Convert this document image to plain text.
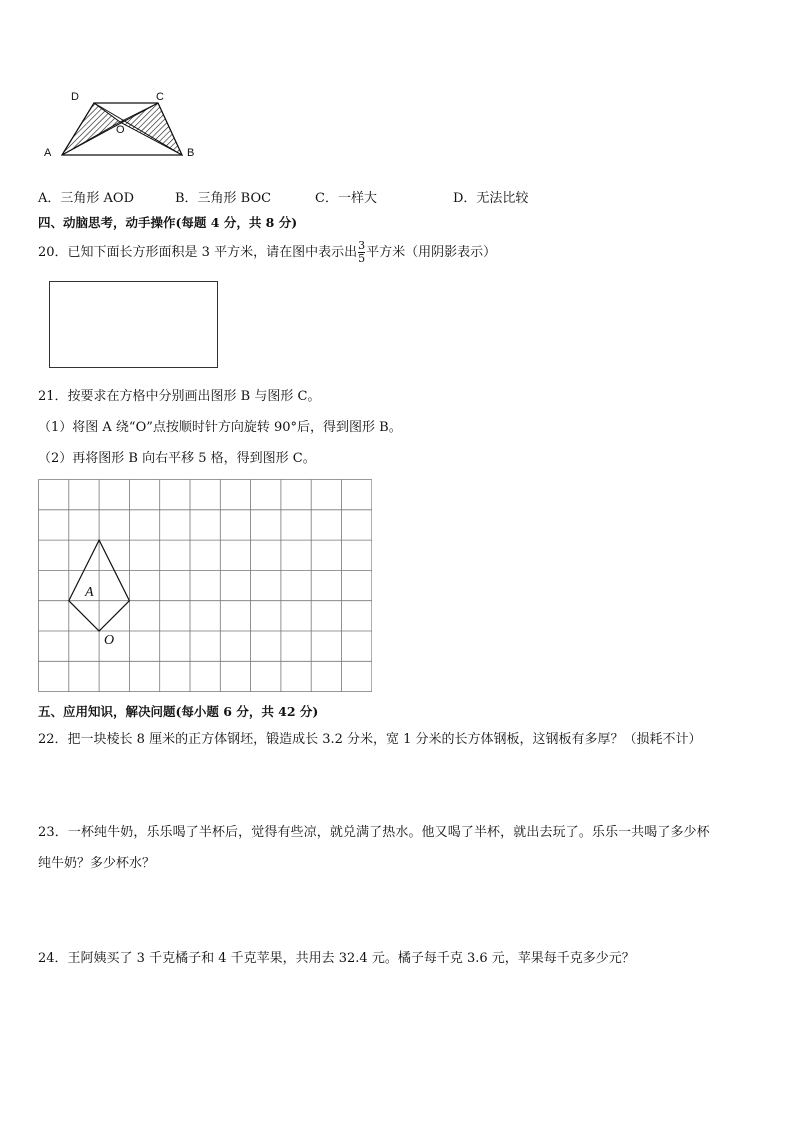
D	C
O
A	B
A．三角形 AOD	B．三角形 BOC	C．一样大	D．无法比较
四、动脑思考，动手操作(每题 4 分，共 8 分)
20．已知下面长方形面积是 3 平方米，请在图中表示出$\frac{3}{5}$平方米（用阴影表示）
21．按要求在方格中分别画出图形 B 与图形 C。
（1）将图 A 绕“O”点按顺时针方向旋转 90°后，得到图形 B。
（2）再将图形 B 向右平移 5 格，得到图形 C。
A
O
五、应用知识，解决问题(每小题 6 分，共 42 分)
22．把一块棱长 8 厘米的正方体钢坯，锻造成长 3.2 分米，宽 1 分米的长方体钢板，这钢板有多厚？（损耗不计）
23．一杯纯牛奶，乐乐喝了半杯后，觉得有些凉，就兑满了热水。他又喝了半杯，就出去玩了。乐乐一共喝了多少杯
纯牛奶？多少杯水？
24．王阿姨买了 3 千克橘子和 4 千克苹果，共用去 32.4 元。橘子每千克 3.6 元，苹果每千克多少元？
